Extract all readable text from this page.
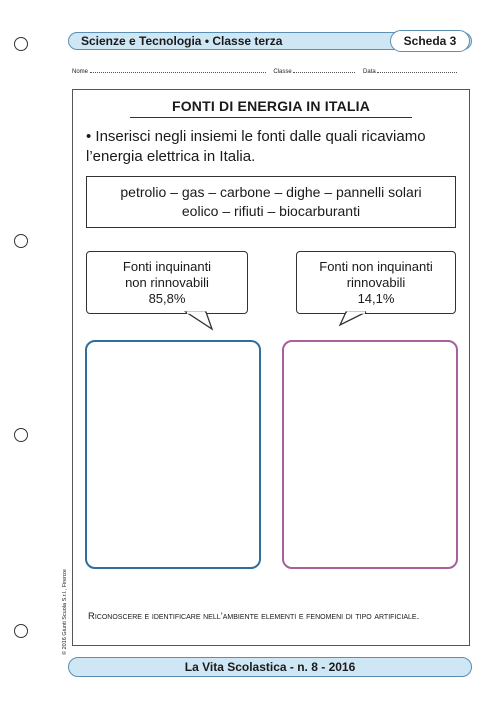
Scienze e Tecnologia • Classe terza	Scheda 3
Nome	Classe	Data
FONTI DI ENERGIA IN ITALIA
• Inserisci negli insiemi le fonti dalle quali ricaviamo l’energia elettrica in Italia.
petrolio – gas – carbone – dighe – pannelli solari
eolico – rifiuti – biocarburanti
Fonti inquinanti
non rinnovabili
85,8%
Fonti non inquinanti
rinnovabili
14,1%
Riconoscere e identificare nell’ambiente elementi e fenomeni di tipo artificiale.
© 2016 Giunti Scuola S.r.l., Firenze
La Vita Scolastica - n. 8 - 2016
